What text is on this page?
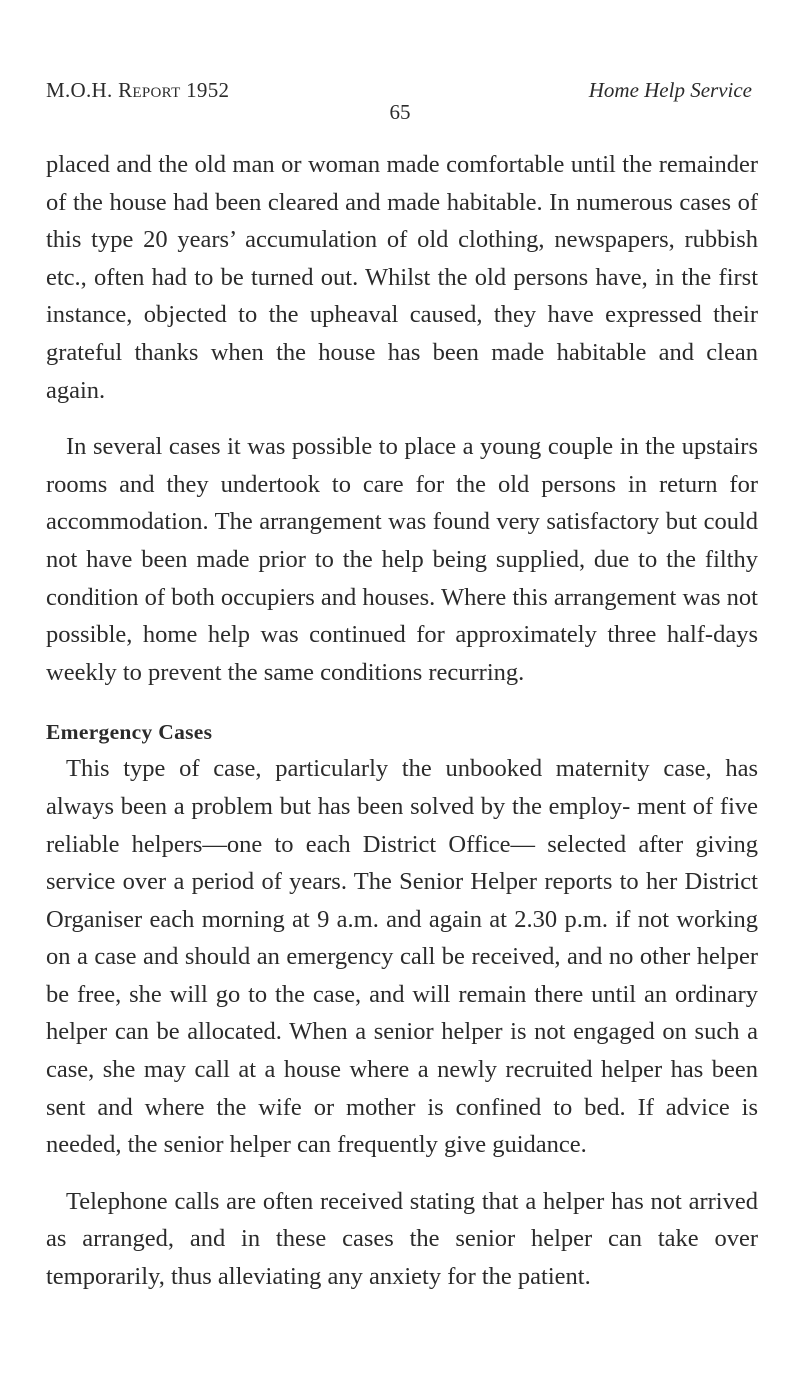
M.O.H. Report 1952	Home Help Service
65

placed and the old man or woman made comfortable until the remainder of the house had been cleared and made habitable. In numerous cases of this type 20 years’ accumulation of old clothing, newspapers, rubbish etc., often had to be turned out. Whilst the old persons have, in the first instance, objected to the upheaval caused, they have expressed their grateful thanks when the house has been made habitable and clean again.

In several cases it was possible to place a young couple in the upstairs rooms and they undertook to care for the old persons in return for accommodation. The arrangement was found very satisfactory but could not have been made prior to the help being supplied, due to the filthy condition of both occupiers and houses. Where this arrangement was not possible, home help was continued for approximately three half-days weekly to prevent the same conditions recurring.

Emergency Cases

This type of case, particularly the unbooked maternity case, has always been a problem but has been solved by the employ- ment of five reliable helpers—one to each District Office— selected after giving service over a period of years. The Senior Helper reports to her District Organiser each morning at 9 a.m. and again at 2.30 p.m. if not working on a case and should an emergency call be received, and no other helper be free, she will go to the case, and will remain there until an ordinary helper can be allocated. When a senior helper is not engaged on such a case, she may call at a house where a newly recruited helper has been sent and where the wife or mother is confined to bed. If advice is needed, the senior helper can frequently give guidance.

Telephone calls are often received stating that a helper has not arrived as arranged, and in these cases the senior helper can take over temporarily, thus alleviating any anxiety for the patient.
